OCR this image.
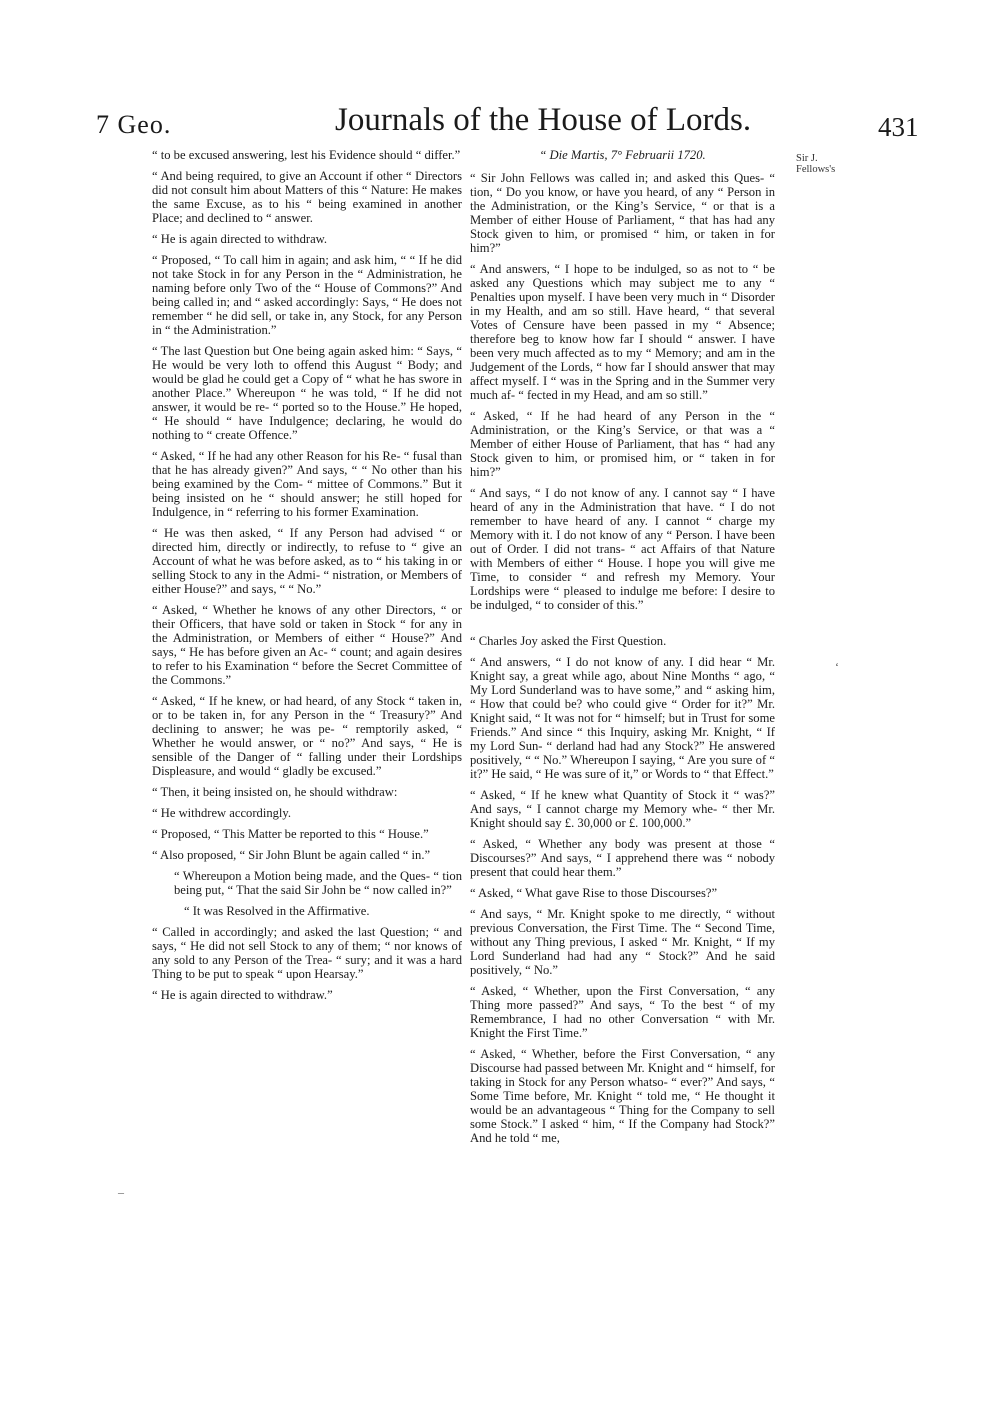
7 Geo.	Journals of the House of Lords.	431
Sir J. Fellows's

“ to be excused answering, lest his Evidence should “ differ.”

“ And being required, to give an Account if other “ Directors did not consult him about Matters of this “ Nature: He makes the same Excuse, as to his “ being examined in another Place; and declined to “ answer.

“ He is again directed to withdraw.

“ Proposed, “ To call him in again; and ask him, “ “ If he did not take Stock in for any Person in the “ Administration, he naming before only Two of the “ House of Commons?” And being called in; and “ asked accordingly: Says, “ He does not remember “ he did sell, or take in, any Stock, for any Person in “ the Administration.”

“ The last Question but One being again asked him: “ Says, “ He would be very loth to offend this August “ Body; and would be glad he could get a Copy of “ what he has swore in another Place.” Whereupon “ he was told, “ If he did not answer, it would be re- “ ported so to the House.” He hoped, “ He should “ have Indulgence; declaring, he would do nothing to “ create Offence.”

“ Asked, “ If he had any other Reason for his Re- “ fusal than that he has already given?” And says, “ “ No other than his being examined by the Com- “ mittee of Commons.” But it being insisted on he “ should answer; he still hoped for Indulgence, in “ referring to his former Examination.

“ He was then asked, “ If any Person had advised “ or directed him, directly or indirectly, to refuse to “ give an Account of what he was before asked, as to “ his taking in or selling Stock to any in the Admi- “ nistration, or Members of either House?” and says, “ “ No.”

“ Asked, “ Whether he knows of any other Directors, “ or their Officers, that have sold or taken in Stock “ for any in the Administration, or Members of either “ House?” And says, “ He has before given an Ac- “ count; and again desires to refer to his Examination “ before the Secret Committee of the Commons.”

“ Asked, “ If he knew, or had heard, of any Stock “ taken in, or to be taken in, for any Person in the “ Treasury?” And declining to answer; he was pe- “ remptorily asked, “ Whether he would answer, or “ no?” And says, “ He is sensible of the Danger of “ falling under their Lordships Displeasure, and would “ gladly be excused.”

“ Then, it being insisted on, he should withdraw:

“ He withdrew accordingly.

“ Proposed, “ This Matter be reported to this “ House.”

“ Also proposed, “ Sir John Blunt be again called “ in.”

“ Whereupon a Motion being made, and the Ques- “ tion being put, “ That the said Sir John be “ now called in?”

“ It was Resolved in the Affirmative.

“ Called in accordingly; and asked the last Question; “ and says, “ He did not sell Stock to any of them; “ nor knows of any sold to any Person of the Trea- “ sury; and it was a hard Thing to be put to speak “ upon Hearsay.”

“ He is again directed to withdraw.”

“ Die Martis, 7° Februarii 1720.

“ Sir John Fellows was called in; and asked this Ques- “ tion, “ Do you know, or have you heard, of any “ Person in the Administration, or the King’s Service, “ or that is a Member of either House of Parliament, “ that has had any Stock given to him, or promised “ him, or taken in for him?”

“ And answers, “ I hope to be indulged, so as not to “ be asked any Questions which may subject me to any “ Penalties upon myself. I have been very much in “ Disorder in my Health, and am so still. Have heard, “ that several Votes of Censure have been passed in my “ Absence; therefore beg to know how far I should “ answer. I have been very much affected as to my “ Memory; and am in the Judgement of the Lords, “ how far I should answer that may affect myself. I “ was in the Spring and in the Summer very much af- “ fected in my Head, and am so still.”

“ Asked, “ If he had heard of any Person in the “ Administration, or the King’s Service, or that was a “ Member of either House of Parliament, that has “ had any Stock given to him, or promised him, or “ taken in for him?”

“ And says, “ I do not know of any. I cannot say “ I have heard of any in the Administration that have. “ I do not remember to have heard of any. I cannot “ charge my Memory with it. I do not know of any “ Person. I have been out of Order. I did not trans- “ act Affairs of that Nature with Members of either “ House. I hope you will give me Time, to consider “ and refresh my Memory. Your Lordships were “ pleased to indulge me before: I desire to be indulged, “ to consider of this.”

“ Charles Joy asked the First Question.

“ And answers, “ I do not know of any. I did hear “ Mr. Knight say, a great while ago, about Nine Months “ ago, “ My Lord Sunderland was to have some,” and “ asking him, “ How that could be? who could give “ Order for it?” Mr. Knight said, “ It was not for “ himself; but in Trust for some Friends.” And since “ this Inquiry, asking Mr. Knight, “ If my Lord Sun- “ derland had had any Stock?” He answered positively, “ “ No.” Whereupon I saying, “ Are you sure of “ it?” He said, “ He was sure of it,” or Words to “ that Effect.”

“ Asked, “ If he knew what Quantity of Stock it “ was?” And says, “ I cannot charge my Memory whe- “ ther Mr. Knight should say £. 30,000 or £. 100,000.”

“ Asked, “ Whether any body was present at those “ Discourses?” And says, “ I apprehend there was “ nobody present that could hear them.”

“ Asked, “ What gave Rise to those Discourses?”

“ And says, “ Mr. Knight spoke to me directly, “ without previous Conversation, the First Time. The “ Second Time, without any Thing previous, I asked “ Mr. Knight, “ If my Lord Sunderland had had any “ Stock?” And he said positively, “ No.”

“ Asked, “ Whether, upon the First Conversation, “ any Thing more passed?” And says, “ To the best “ of my Remembrance, I had no other Conversation “ with Mr. Knight the First Time.”

“ Asked, “ Whether, before the First Conversation, “ any Discourse had passed between Mr. Knight and “ himself, for taking in Stock for any Person whatso- “ ever?” And says, “ Some Time before, Mr. Knight “ told me, “ He thought it would be an advantageous “ Thing for the Company to sell some Stock.” I asked “ him, “ If the Company had Stock?” And he told “ me,

‘
–
